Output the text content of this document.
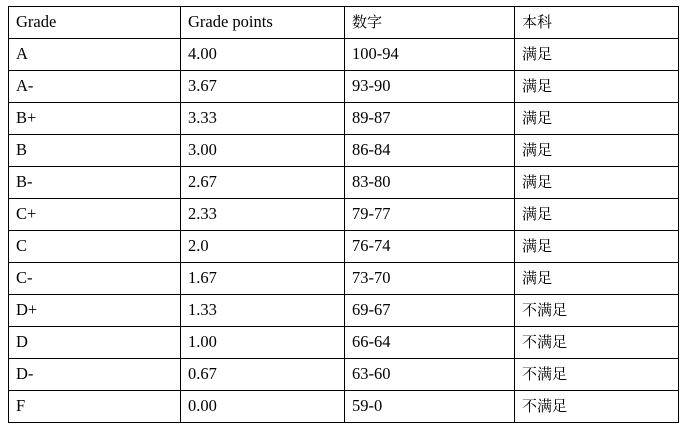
Grade	Grade points	数字	本科
A	4.00	100-94	满足
A-	3.67	93-90	满足
B+	3.33	89-87	满足
B	3.00	86-84	满足
B-	2.67	83-80	满足
C+	2.33	79-77	满足
C	2.0	76-74	满足
C-	1.67	73-70	满足
D+	1.33	69-67	不满足
D	1.00	66-64	不满足
D-	0.67	63-60	不满足
F	0.00	59-0	不满足
